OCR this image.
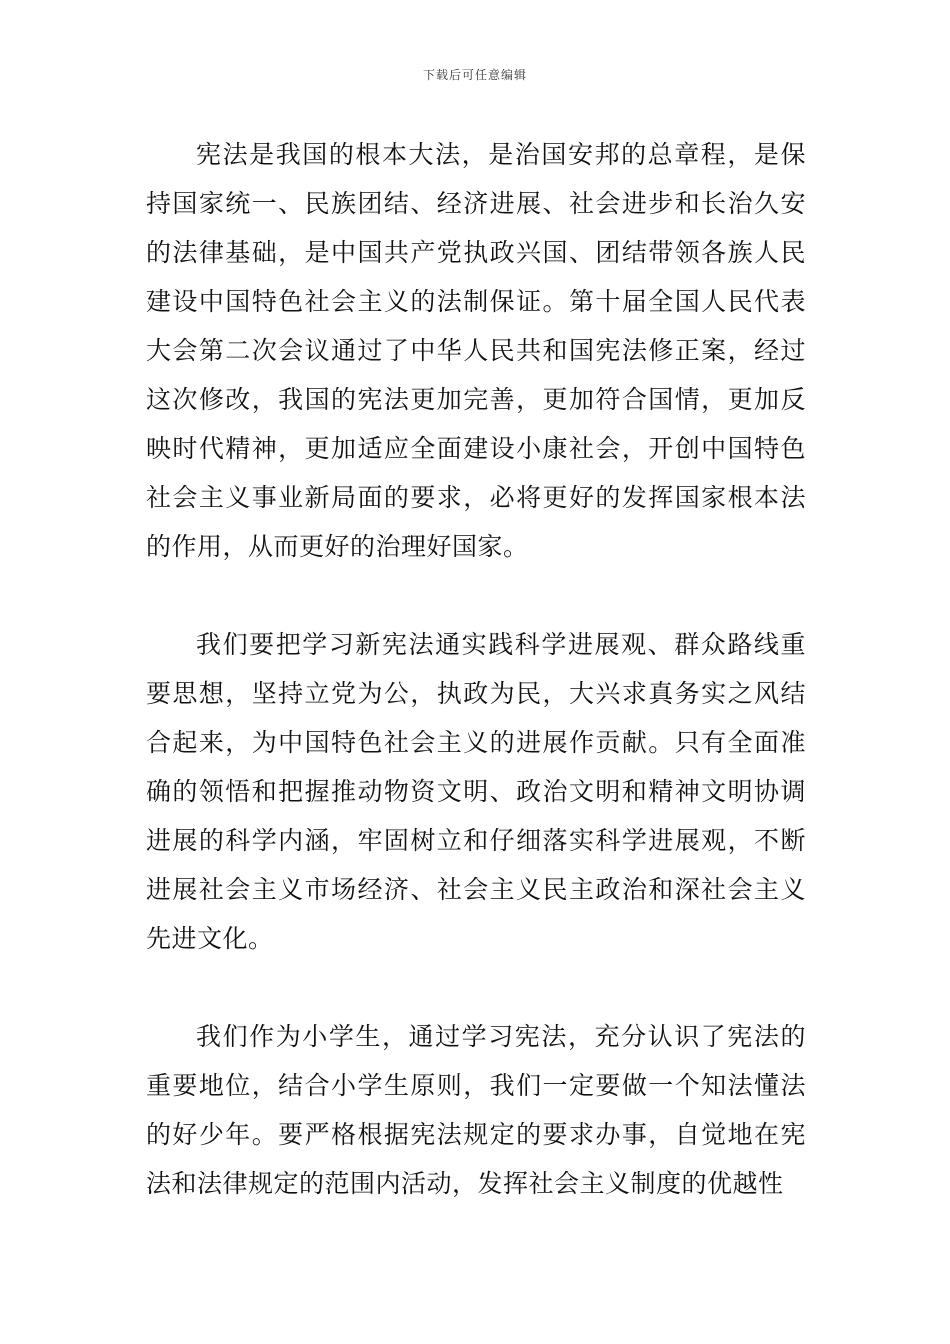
下载后可任意编辑

宪法是我国的根本大法，是治国安邦的总章程，是保持国家统一、民族团结、经济进展、社会进步和长治久安的法律基础，是中国共产党执政兴国、团结带领各族人民建设中国特色社会主义的法制保证。第十届全国人民代表大会第二次会议通过了中华人民共和国宪法修正案，经过这次修改，我国的宪法更加完善，更加符合国情，更加反映时代精神，更加适应全面建设小康社会，开创中国特色社会主义事业新局面的要求，必将更好的发挥国家根本法的作用，从而更好的治理好国家。

我们要把学习新宪法通实践科学进展观、群众路线重要思想，坚持立党为公，执政为民，大兴求真务实之风结合起来，为中国特色社会主义的进展作贡献。只有全面准确的领悟和把握推动物资文明、政治文明和精神文明协调进展的科学内涵，牢固树立和仔细落实科学进展观，不断进展社会主义市场经济、社会主义民主政治和深社会主义先进文化。

我们作为小学生，通过学习宪法，充分认识了宪法的重要地位，结合小学生原则，我们一定要做一个知法懂法的好少年。要严格根据宪法规定的要求办事，自觉地在宪法和法律规定的范围内活动，发挥社会主义制度的优越性
